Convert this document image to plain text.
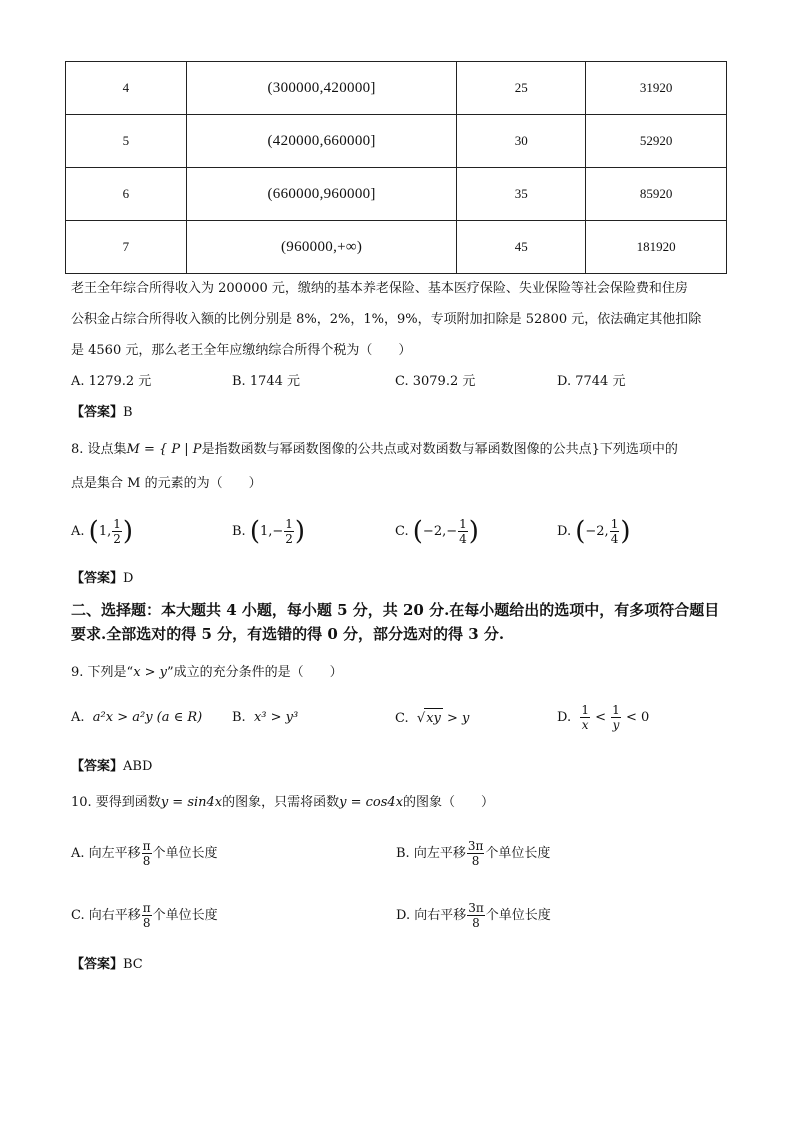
4	(300000,420000]	25	31920
5	(420000,660000]	30	52920
6	(660000,960000]	35	85920
7	(960000,+∞)	45	181920
老王全年综合所得收入为 200000 元，缴纳的基本养老保险、基本医疗保险、失业保险等社会保险费和住房
公积金占综合所得收入额的比例分别是 8%，2%，1%，9%，专项附加扣除是 52800 元，依法确定其他扣除
是 4560 元，那么老王全年应缴纳综合所得个税为（　　）
A. 1279.2 元	B. 1744 元	C. 3079.2 元	D. 7744 元
【答案】B
8. 设点集M = { P | P是指数函数与幂函数图像的公共点或对数函数与幂函数图像的公共点}下列选项中的
点是集合 M 的元素的为（　　）
A. (1, $\frac{1}{2}$ )	B. ($1,- \frac{1}{2}$ )	C. ($-2,- \frac{1}{4}$ )	D. (−2, $\frac{1}{4}$ )
【答案】D
二、选择题：本大题共 4 小题，每小题 5 分，共 20 分.在每小题给出的选项中，有多项符合题目要求.全部选对的得 5 分，有选错的得 0 分，部分选对的得 3 分.
9. 下列是“x > y”成立的充分条件的是（　　）
A. a²x > a²y (a ∈ R) B. x³ > y³	C. √xy > y	D. $\frac{1}{x} < \frac{1}{y} < 0$
【答案】ABD
10. 要得到函数y = sin4x的图象，只需将函数y = cos4x的图象（　　）
A. 向左平移 $\frac{\pi}{8}$ 个单位长度	B. 向左平移 $\frac{3\pi}{8}$ 个单位长度
C. 向右平移 $\frac{\pi}{8}$ 个单位长度	D. 向右平移 $\frac{3\pi}{8}$ 个单位长度
【答案】BC
